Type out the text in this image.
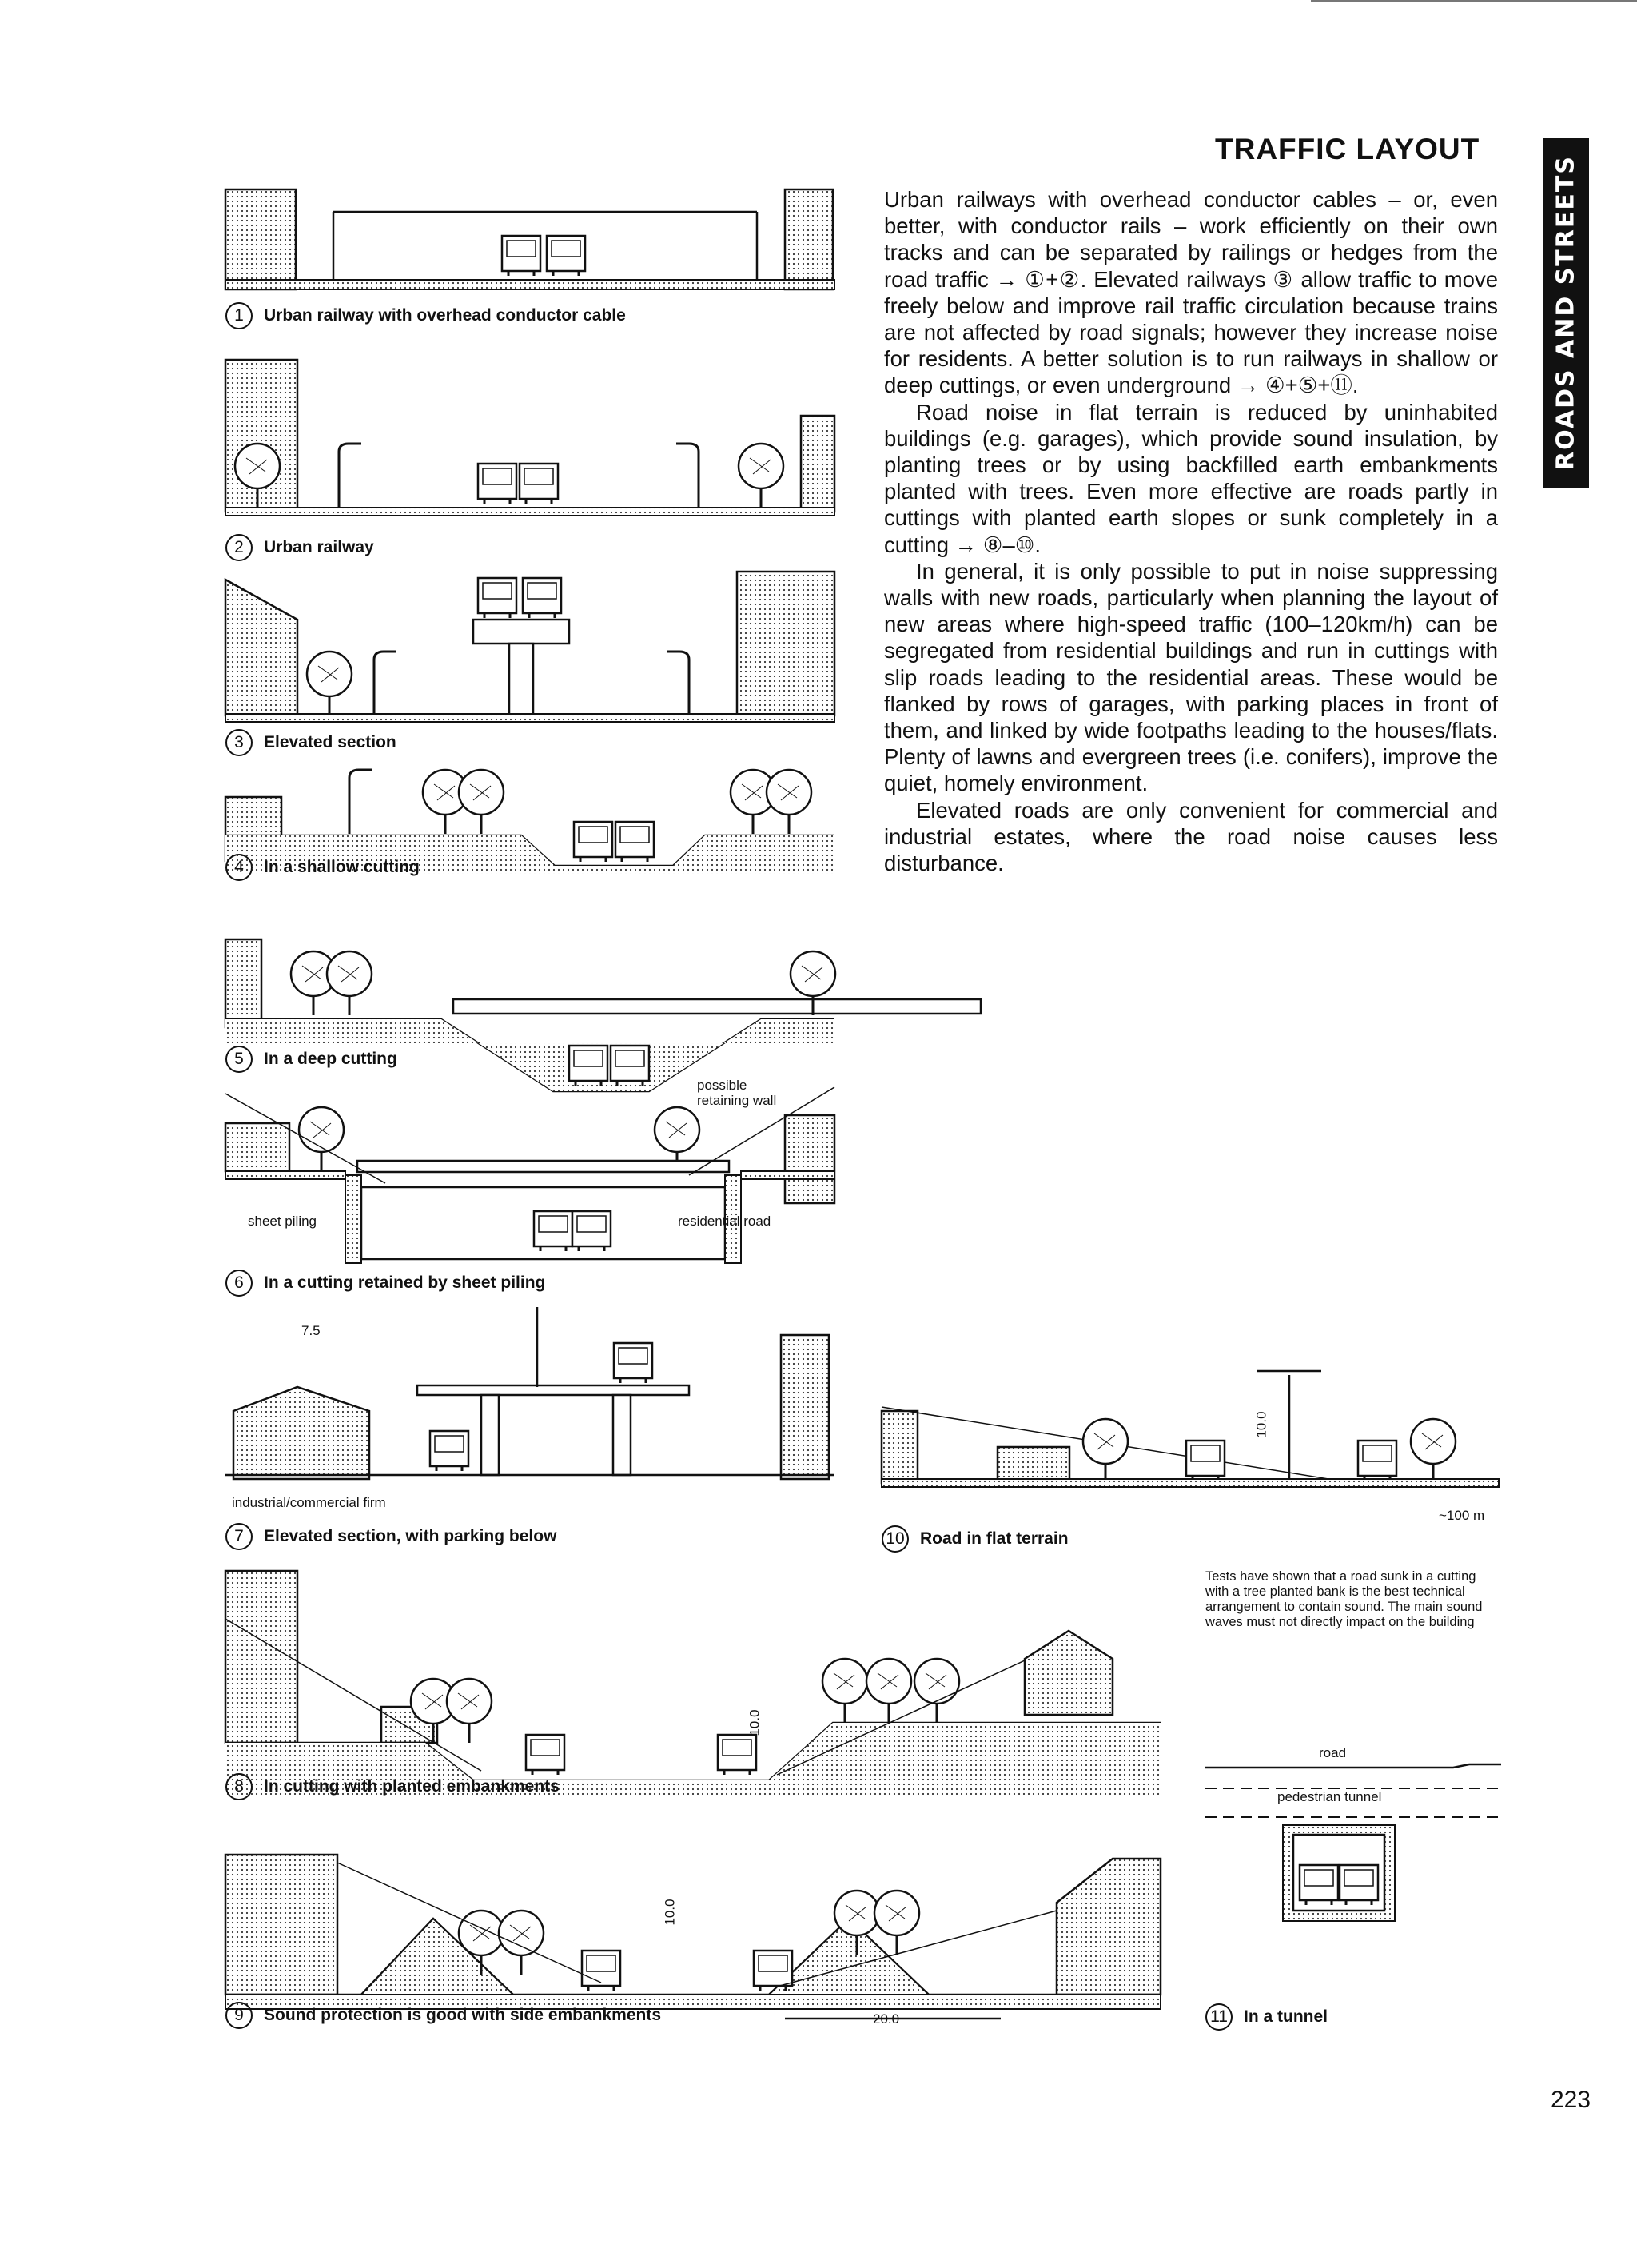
TRAFFIC LAYOUT
ROADS AND STREETS

Urban railways with overhead conductor cables – or, even better, with conductor rails – work efficiently on their own tracks and can be separated by railings or hedges from the road traffic → ①+②. Elevated railways ③ allow traffic to move freely below and improve rail traffic circulation because trains are not affected by road signals; however they increase noise for residents. A better solution is to run railways in shallow or deep cuttings, or even underground → ④+⑤+⑪.

Road noise in flat terrain is reduced by uninhabited buildings (e.g. garages), which provide sound insulation, by planting trees or by using backfilled earth embankments planted with trees. Even more effective are roads partly in cuttings with planted earth slopes or sunk completely in a cutting → ⑧–⑩.

In general, it is only possible to put in noise suppressing walls with new roads, particularly when planning the layout of new areas where high-speed traffic (100–120km/h) can be segregated from residential buildings and run in cuttings with slip roads leading to the residential areas. These would be flanked by rows of garages, with parking places in front of them, and linked by wide footpaths leading to the houses/flats. Plenty of lawns and evergreen trees (i.e. conifers), improve the quiet, homely environment.

Elevated roads are only convenient for commercial and industrial estates, where the road noise causes less disturbance.

1	Urban railway with overhead conductor cable
2	Urban railway
3	Elevated section
4	In a shallow cutting
5	In a deep cutting
possible retaining wall
sheet piling	residential road
6	In a cutting retained by sheet piling
7.5
industrial/commercial firm
7	Elevated section, with parking below
10.0
8	In cutting with planted embankments
10.0
20.0
9	Sound protection is good with side embankments
10.0
~100 m
10 Road in flat terrain
Tests have shown that a road sunk in a cutting with a tree planted bank is the best technical arrangement to contain sound. The main sound waves must not directly impact on the building
road
pedestrian tunnel
11 In a tunnel
223
